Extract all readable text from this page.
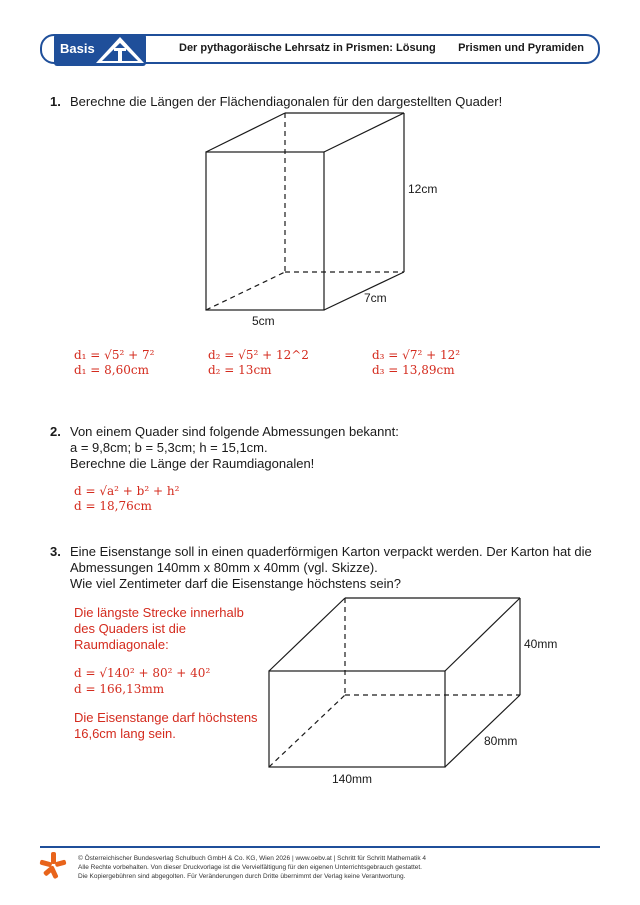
Basis	Der pythagoräische Lehrsatz in Prismen: Lösung Prismen und Pyramiden
1. Berechne die Längen der Flächendiagonalen für den dargestellten Quader!
12cm
7cm
5cm
d₁ = √5² + 7²
d₁ = 8,60cm
d₂ = √5² + 12^2
d₂ = 13cm
d₃ = √7² + 12²
d₃ = 13,89cm
2. Von einem Quader sind folgende Abmessungen bekannt:
a = 9,8cm; b = 5,3cm; h = 15,1cm.
Berechne die Länge der Raumdiagonalen!
d = √a² + b² + h²
d = 18,76cm
3. Eine Eisenstange soll in einen quaderförmigen Karton verpackt werden. Der Karton hat die
Abmessungen 140mm x 80mm x 40mm (vgl. Skizze).
Wie viel Zentimeter darf die Eisenstange höchstens sein?
Die längste Strecke innerhalb
des Quaders ist die
Raumdiagonale:
d = √140² + 80² + 40²
d = 166,13mm
Die Eisenstange darf höchstens
16,6cm lang sein.
40mm
80mm
140mm
© Österreichischer Bundesverlag Schulbuch GmbH & Co. KG, Wien 2026 | www.oebv.at | Schritt für Schritt Mathematik 4
Alle Rechte vorbehalten. Von dieser Druckvorlage ist die Vervielfältigung für den eigenen Unterrichtsgebrauch gestattet.
Die Kopiergebühren sind abgegolten. Für Veränderungen durch Dritte übernimmt der Verlag keine Verantwortung.
